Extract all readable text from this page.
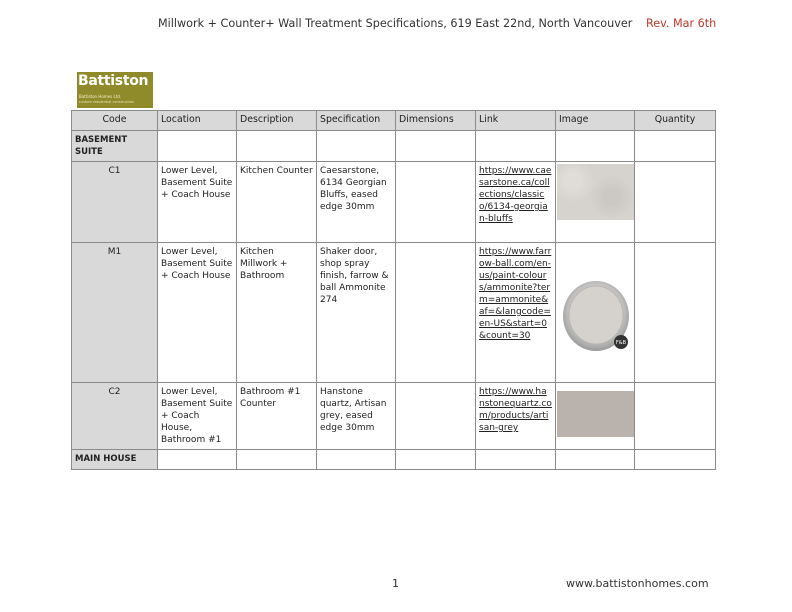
Millwork + Counter+ Wall Treatment Specifications, 619 East 22nd, North Vancouver Rev. Mar 6th
Battiston
Battiston Homes Ltd.
custom residential construction
Code	Location	Description	Specification	Dimensions	Link	Image	Quantity
BASEMENT SUITE							
C1	Lower Level, Basement Suite + Coach House	Kitchen Counter	Caesarstone, 6134 Georgian Bluffs, eased edge 30mm		https://www.caesarstone.ca/collections/classico/6134-georgian-bluffs	

M1	Lower Level, Basement Suite + Coach House	Kitchen Millwork + Bathroom	Shaker door, shop spray finish, farrow & ball Ammonite 274		https://www.farrow-ball.com/en-us/paint-colours/ammonite?term=ammonite&af=&langcode=en-US&start=0&count=30	F&B	

C2	Lower Level, Basement Suite + Coach House, Bathroom #1	Bathroom #1 Counter	Hanstone quartz, Artisan grey, eased edge 30mm		https://www.hanstonequartz.com/products/artisan-grey	

MAIN HOUSE							
1	www.battistonhomes.com
